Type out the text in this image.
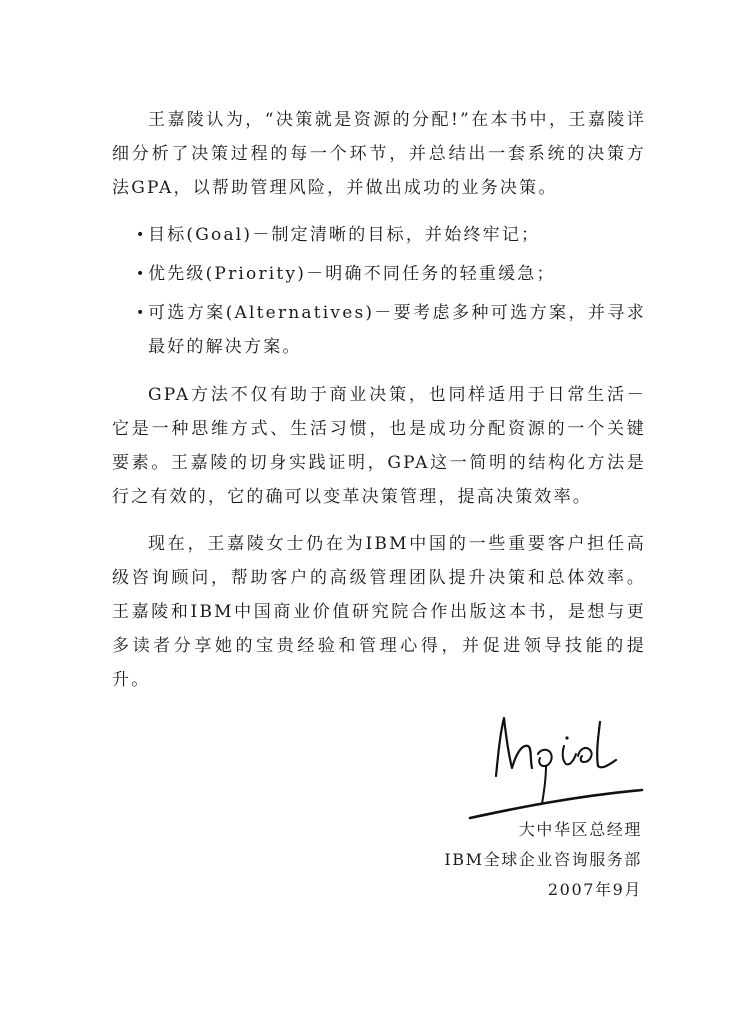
王嘉陵认为，“决策就是资源的分配!”在本书中，王嘉陵详细分析了决策过程的每一个环节，并总结出一套系统的决策方法GPA，以帮助管理风险，并做出成功的业务决策。

• 目标(Goal)－制定清晰的目标，并始终牢记；
• 优先级(Priority)－明确不同任务的轻重缓急；
• 可选方案(Alternatives)－要考虑多种可选方案，并寻求最好的解决方案。

GPA方法不仅有助于商业决策，也同样适用于日常生活－它是一种思维方式、生活习惯，也是成功分配资源的一个关键要素。王嘉陵的切身实践证明，GPA这一简明的结构化方法是行之有效的，它的确可以变革决策管理，提高决策效率。

现在，王嘉陵女士仍在为IBM中国的一些重要客户担任高级咨询顾问，帮助客户的高级管理团队提升决策和总体效率。王嘉陵和IBM中国商业价值研究院合作出版这本书，是想与更多读者分享她的宝贵经验和管理心得，并促进领导技能的提升。

大中华区总经理
IBM全球企业咨询服务部
2007年9月
